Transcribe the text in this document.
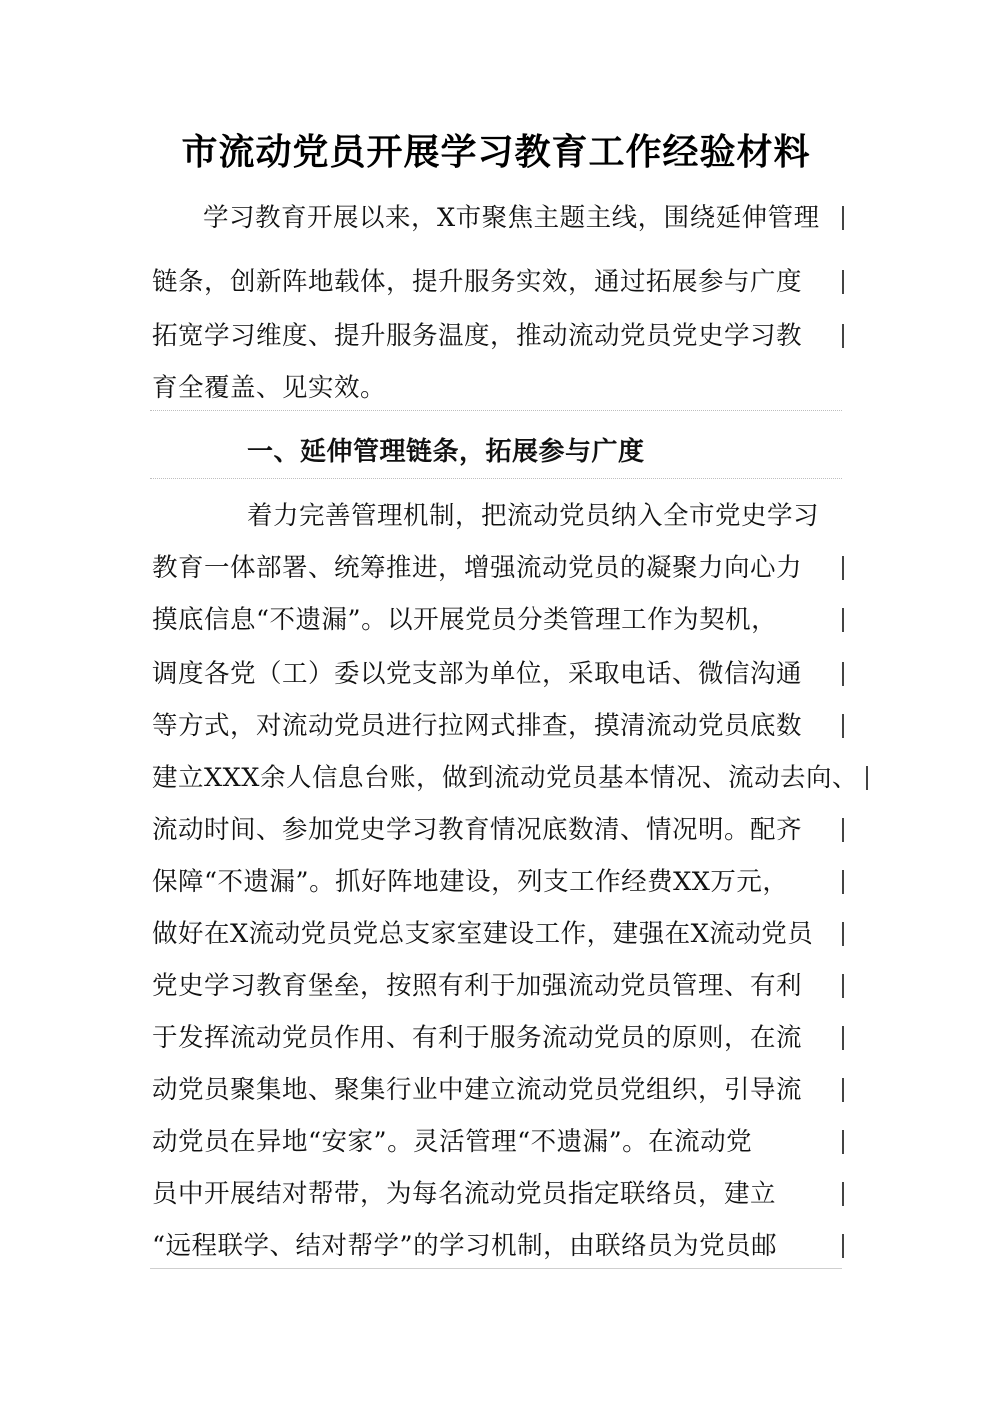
市流动党员开展学习教育工作经验材料
学习教育开展以来，X市聚焦主题主线，围绕延伸管理
链条，创新阵地载体，提升服务实效，通过拓展参与广度
拓宽学习维度、提升服务温度，推动流动党员党史学习教
育全覆盖、见实效。
一、延伸管理链条，拓展参与广度
着力完善管理机制，把流动党员纳入全市党史学习
教育一体部署、统筹推进，增强流动党员的凝聚力向心力
摸底信息“不遗漏”。以开展党员分类管理工作为契机，
调度各党（工）委以党支部为单位，采取电话、微信沟通
等方式，对流动党员进行拉网式排查，摸清流动党员底数
建立XXX余人信息台账，做到流动党员基本情况、流动去向、
流动时间、参加党史学习教育情况底数清、情况明。配齐
保障“不遗漏”。抓好阵地建设，列支工作经费XX万元，
做好在X流动党员党总支家室建设工作，建强在X流动党员
党史学习教育堡垒，按照有利于加强流动党员管理、有利
于发挥流动党员作用、有利于服务流动党员的原则，在流
动党员聚集地、聚集行业中建立流动党员党组织，引导流
动党员在异地“安家”。灵活管理“不遗漏”。在流动党
员中开展结对帮带，为每名流动党员指定联络员，建立
“远程联学、结对帮学”的学习机制，由联络员为党员邮
